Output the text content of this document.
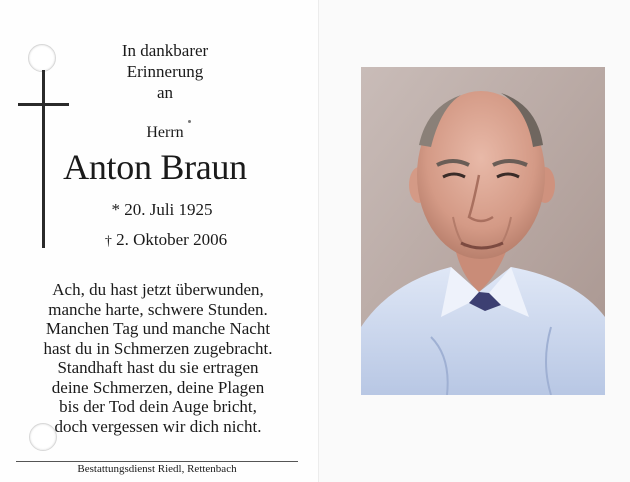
In dankbarer
Erinnerung
an
Herrn
Anton Braun
* 20. Juli 1925
† 2. Oktober 2006
Ach, du hast jetzt überwunden,
manche harte, schwere Stunden.
Manchen Tag und manche Nacht
hast du in Schmerzen zugebracht.
Standhaft hast du sie ertragen
deine Schmerzen, deine Plagen
bis der Tod dein Auge bricht,
doch vergessen wir dich nicht.
Bestattungsdienst Riedl, Rettenbach
